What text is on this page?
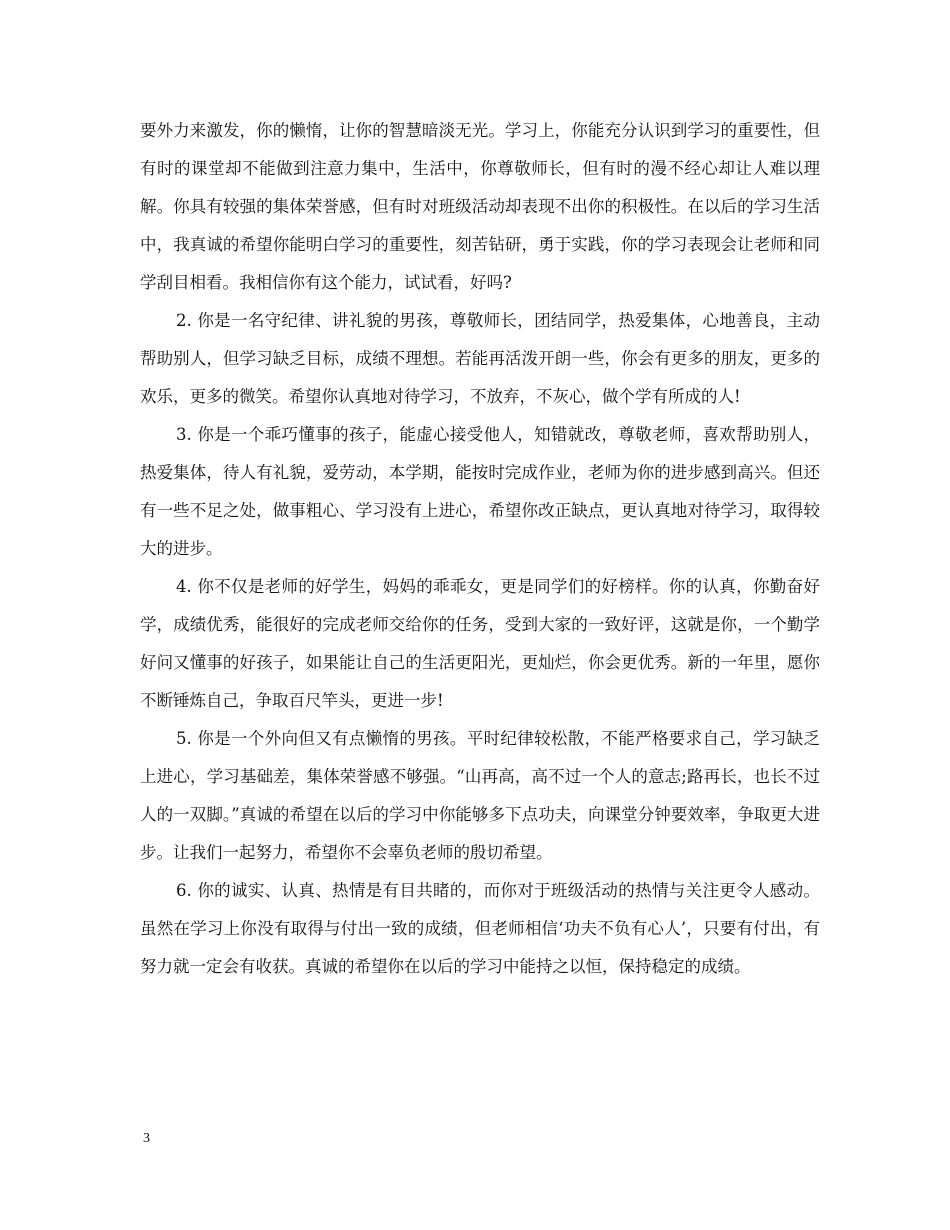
要外力来激发，你的懒惰，让你的智慧暗淡无光。学习上，你能充分认识到学习的重要性，但有时的课堂却不能做到注意力集中，生活中，你尊敬师长，但有时的漫不经心却让人难以理解。你具有较强的集体荣誉感，但有时对班级活动却表现不出你的积极性。在以后的学习生活中，我真诚的希望你能明白学习的重要性，刻苦钻研，勇于实践，你的学习表现会让老师和同学刮目相看。我相信你有这个能力，试试看，好吗?

2. 你是一名守纪律、讲礼貌的男孩，尊敬师长，团结同学，热爱集体，心地善良，主动帮助别人，但学习缺乏目标，成绩不理想。若能再活泼开朗一些，你会有更多的朋友，更多的欢乐，更多的微笑。希望你认真地对待学习，不放弃，不灰心，做个学有所成的人!

3. 你是一个乖巧懂事的孩子，能虚心接受他人，知错就改，尊敬老师，喜欢帮助别人，热爱集体，待人有礼貌，爱劳动，本学期，能按时完成作业，老师为你的进步感到高兴。但还有一些不足之处，做事粗心、学习没有上进心，希望你改正缺点，更认真地对待学习，取得较大的进步。

4. 你不仅是老师的好学生，妈妈的乖乖女，更是同学们的好榜样。你的认真，你勤奋好学，成绩优秀，能很好的完成老师交给你的任务，受到大家的一致好评，这就是你，一个勤学好问又懂事的好孩子，如果能让自己的生活更阳光，更灿烂，你会更优秀。新的一年里，愿你不断锤炼自己，争取百尺竿头，更进一步!

5. 你是一个外向但又有点懒惰的男孩。平时纪律较松散，不能严格要求自己，学习缺乏上进心，学习基础差，集体荣誉感不够强。“山再高，高不过一个人的意志;路再长，也长不过人的一双脚。”真诚的希望在以后的学习中你能够多下点功夫，向课堂分钟要效率，争取更大进步。让我们一起努力，希望你不会辜负老师的殷切希望。

6. 你的诚实、认真、热情是有目共睹的，而你对于班级活动的热情与关注更令人感动。虽然在学习上你没有取得与付出一致的成绩，但老师相信‘功夫不负有心人’，只要有付出，有努力就一定会有收获。真诚的希望你在以后的学习中能持之以恒，保持稳定的成绩。

3
